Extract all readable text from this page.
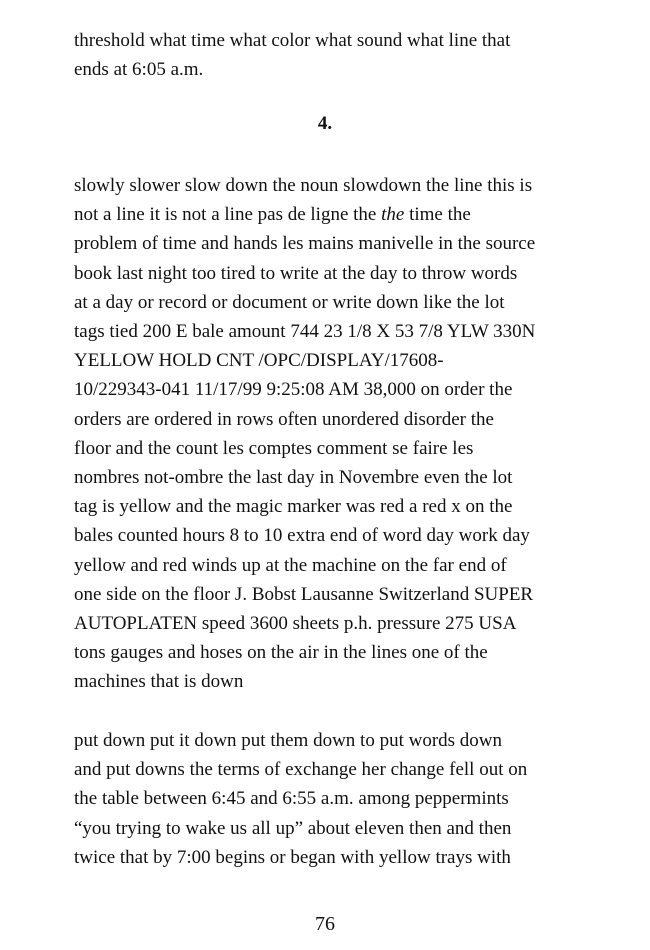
threshold what time what color what sound what line that
ends at 6:05 a.m.

4.

slowly slower slow down the noun slowdown the line this is
not a line it is not a line pas de ligne the the time the
problem of time and hands les mains manivelle in the source
book last night too tired to write at the day to throw words
at a day or record or document or write down like the lot
tags tied 200 E bale amount 744 23 1/8 X 53 7/8 YLW 330N
YELLOW HOLD CNT /OPC/DISPLAY/17608-
10/229343-041 11/17/99 9:25:08 AM 38,000 on order the
orders are ordered in rows often unordered disorder the
floor and the count les comptes comment se faire les
nombres not-ombre the last day in Novembre even the lot
tag is yellow and the magic marker was red a red x on the
bales counted hours 8 to 10 extra end of word day work day
yellow and red winds up at the machine on the far end of
one side on the floor J. Bobst Lausanne Switzerland SUPER
AUTOPLATEN speed 3600 sheets p.h. pressure 275 USA
tons gauges and hoses on the air in the lines one of the
machines that is down

put down put it down put them down to put words down
and put downs the terms of exchange her change fell out on
the table between 6:45 and 6:55 a.m. among peppermints
“you trying to wake us all up” about eleven then and then
twice that by 7:00 begins or began with yellow trays with

76
